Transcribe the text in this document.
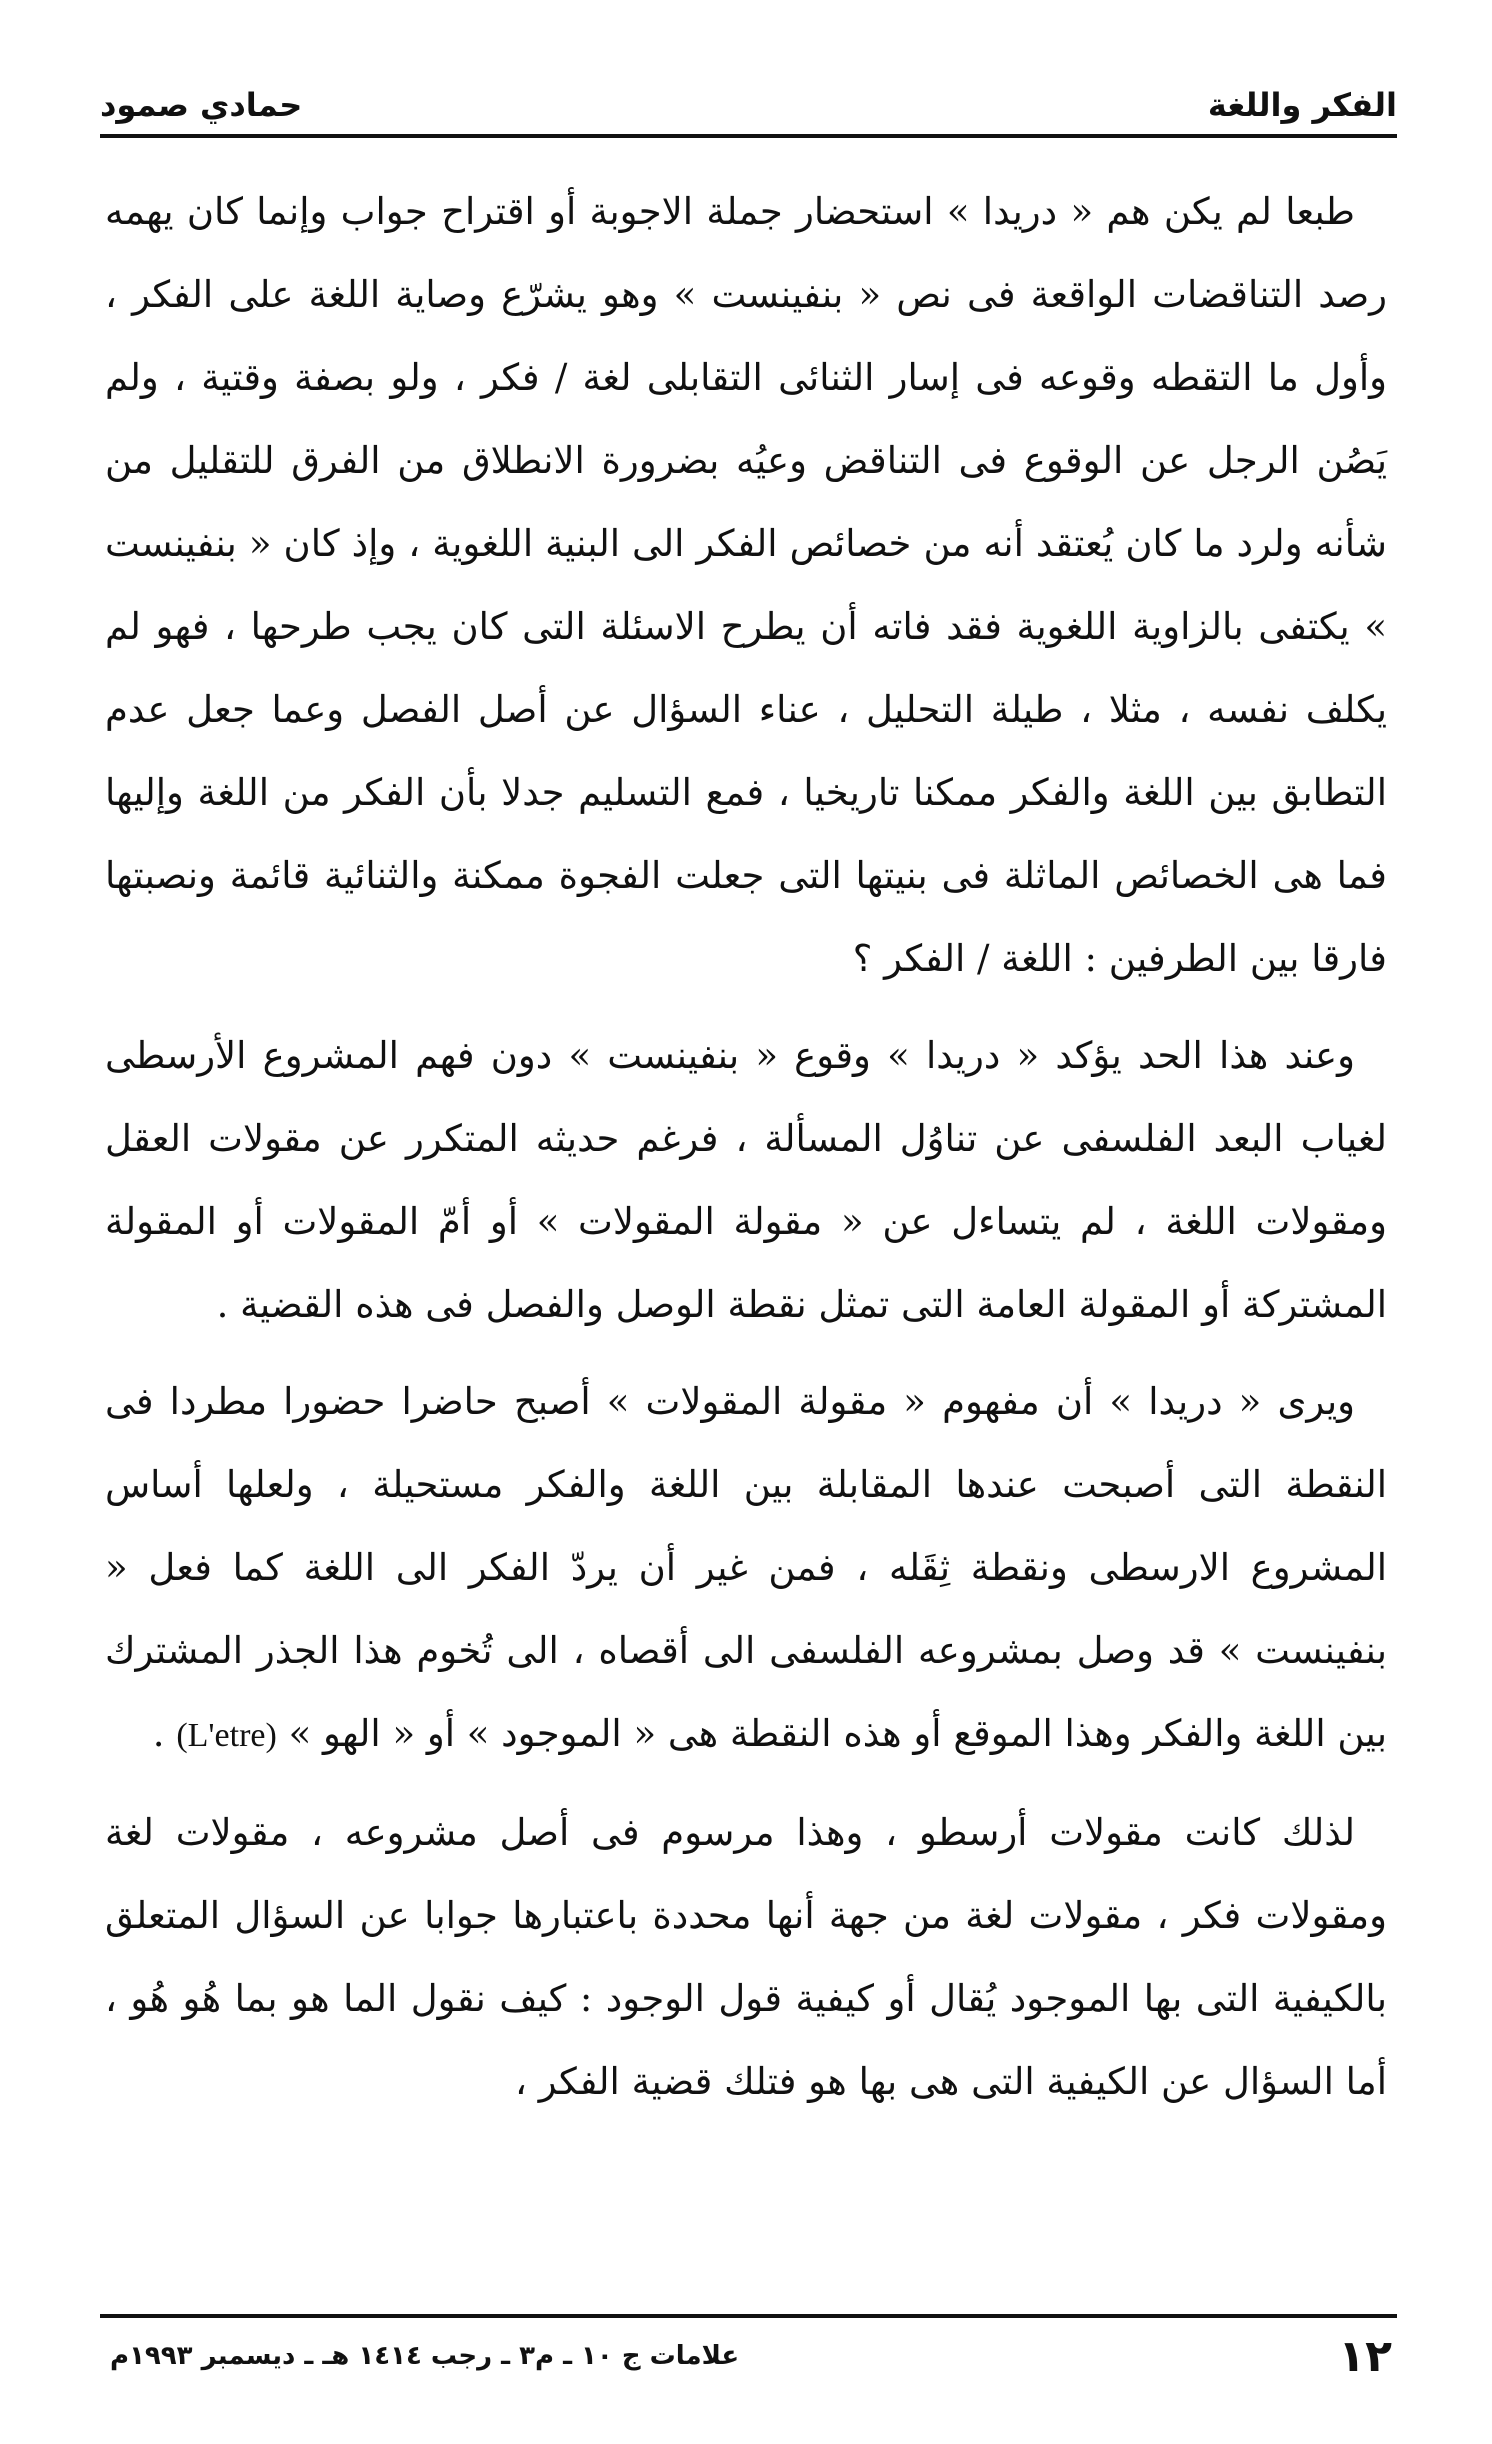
الفكر واللغة
حمادي صمود

طبعا لم يكن هم « دريدا » استحضار جملة الاجوبة أو اقتراح جواب وإنما كان يهمه رصد التناقضات الواقعة فى نص « بنفينست » وهو يشرّع وصاية اللغة على الفكر ، وأول ما التقطه وقوعه فى إسار الثنائى التقابلى لغة / فكر ، ولو بصفة وقتية ، ولم يَصُن الرجل عن الوقوع فى التناقض وعيُه بضرورة الانطلاق من الفرق للتقليل من شأنه ولرد ما كان يُعتقد أنه من خصائص الفكر الى البنية اللغوية ، وإذ كان « بنفينست » يكتفى بالزاوية اللغوية فقد فاته أن يطرح الاسئلة التى كان يجب طرحها ، فهو لم يكلف نفسه ، مثلا ، طيلة التحليل ، عناء السؤال عن أصل الفصل وعما جعل عدم التطابق بين اللغة والفكر ممكنا تاريخيا ، فمع التسليم جدلا بأن الفكر من اللغة وإليها فما هى الخصائص الماثلة فى بنيتها التى جعلت الفجوة ممكنة والثنائية قائمة ونصبتها فارقا بين الطرفين : اللغة / الفكر ؟

وعند هذا الحد يؤكد « دريدا » وقوع « بنفينست » دون فهم المشروع الأرسطى لغياب البعد الفلسفى عن تناوُل المسألة ، فرغم حديثه المتكرر عن مقولات العقل ومقولات اللغة ، لم يتساءل عن « مقولة المقولات » أو أمّ المقولات أو المقولة المشتركة أو المقولة العامة التى تمثل نقطة الوصل والفصل فى هذه القضية .

ويرى « دريدا » أن مفهوم « مقولة المقولات » أصبح حاضرا حضورا مطردا فى النقطة التى أصبحت عندها المقابلة بين اللغة والفكر مستحيلة ، ولعلها أساس المشروع الارسطى ونقطة ثِقَله ، فمن غير أن يردّ الفكر الى اللغة كما فعل « بنفينست » قد وصل بمشروعه الفلسفى الى أقصاه ، الى تُخوم هذا الجذر المشترك بين اللغة والفكر وهذا الموقع أو هذه النقطة هى « الموجود » أو « الهو » (L'etre) .

لذلك كانت مقولات أرسطو ، وهذا مرسوم فى أصل مشروعه ، مقولات لغة ومقولات فكر ، مقولات لغة من جهة أنها محددة باعتبارها جوابا عن السؤال المتعلق بالكيفية التى بها الموجود يُقال أو كيفية قول الوجود : كيف نقول الما هو بما هُو هُو ، أما السؤال عن الكيفية التى هى بها هو فتلك قضية الفكر ،

١٢
علامات ج ١٠ ـ م٣ ـ رجب ١٤١٤ هـ ـ ديسمبر ١٩٩٣م
